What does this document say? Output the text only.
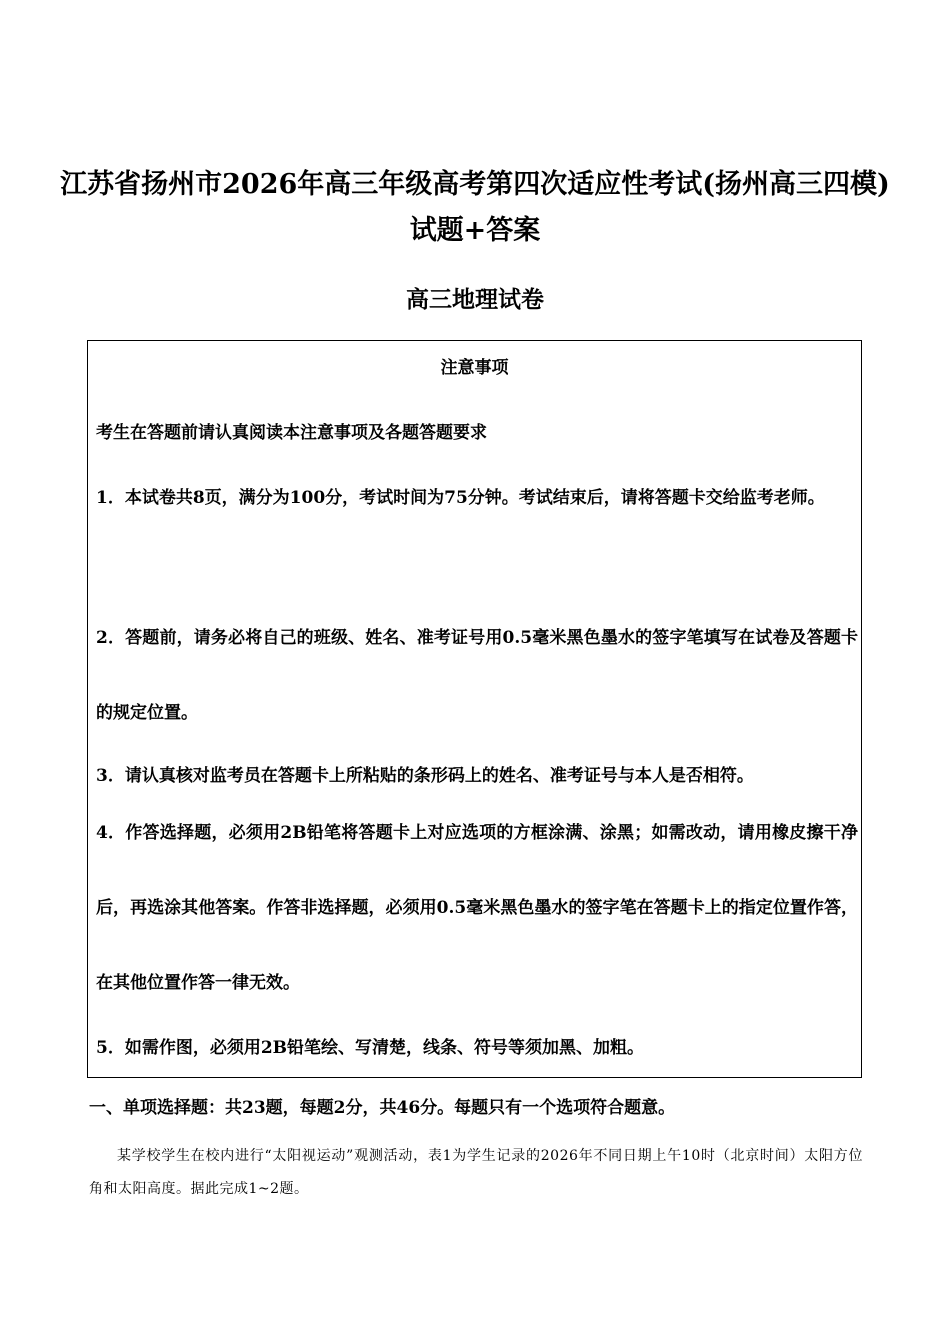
江苏省扬州市2026年高三年级高考第四次适应性考试(扬州高三四模)试题+答案
高三地理试卷
注意事项
考生在答题前请认真阅读本注意事项及各题答题要求
1．本试卷共8页，满分为100分，考试时间为75分钟。考试结束后，请将答题卡交给监考老师。
2．答题前，请务必将自己的班级、姓名、准考证号用0.5毫米黑色墨水的签字笔填写在试卷及答题卡的规定位置。
3．请认真核对监考员在答题卡上所粘贴的条形码上的姓名、准考证号与本人是否相符。
4．作答选择题，必须用2B铅笔将答题卡上对应选项的方框涂满、涂黑；如需改动，请用橡皮擦干净后，再选涂其他答案。作答非选择题，必须用0.5毫米黑色墨水的签字笔在答题卡上的指定位置作答，在其他位置作答一律无效。
5．如需作图，必须用2B铅笔绘、写清楚，线条、符号等须加黑、加粗。
一、单项选择题：共23题，每题2分，共46分。每题只有一个选项符合题意。
某学校学生在校内进行“太阳视运动”观测活动，表1为学生记录的2026年不同日期上午10时（北京时间）太阳方位角和太阳高度。据此完成1~2题。
